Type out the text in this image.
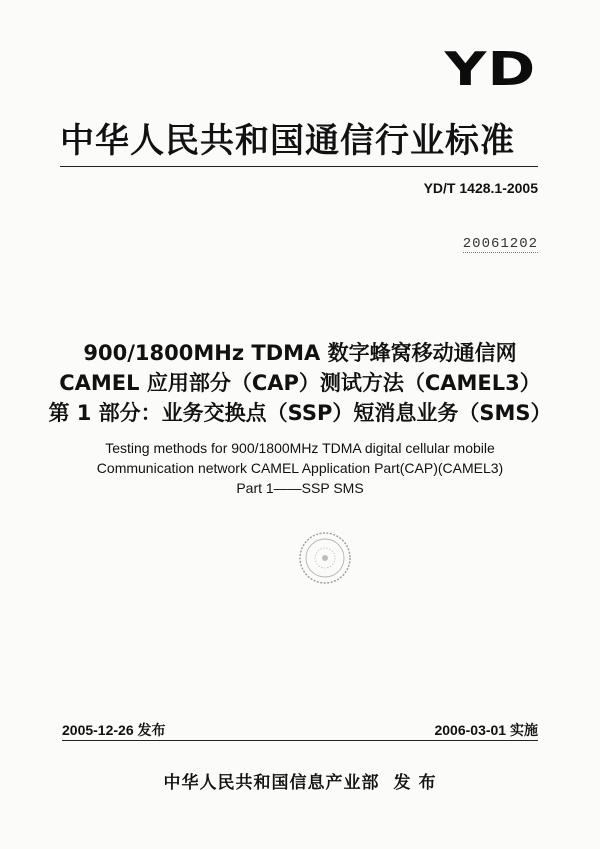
YD
中华人民共和国通信行业标准
YD/T 1428.1-2005
20061202
900/1800MHz TDMA 数字蜂窝移动通信网
CAMEL 应用部分（CAP）测试方法（CAMEL3）
第 1 部分：业务交换点（SSP）短消息业务（SMS）
Testing methods for 900/1800MHz TDMA digital cellular mobile
Communication network CAMEL Application Part(CAP)(CAMEL3)
Part 1——SSP SMS
2005-12-26 发布	2006-03-01 实施
中华人民共和国信息产业部 发 布
